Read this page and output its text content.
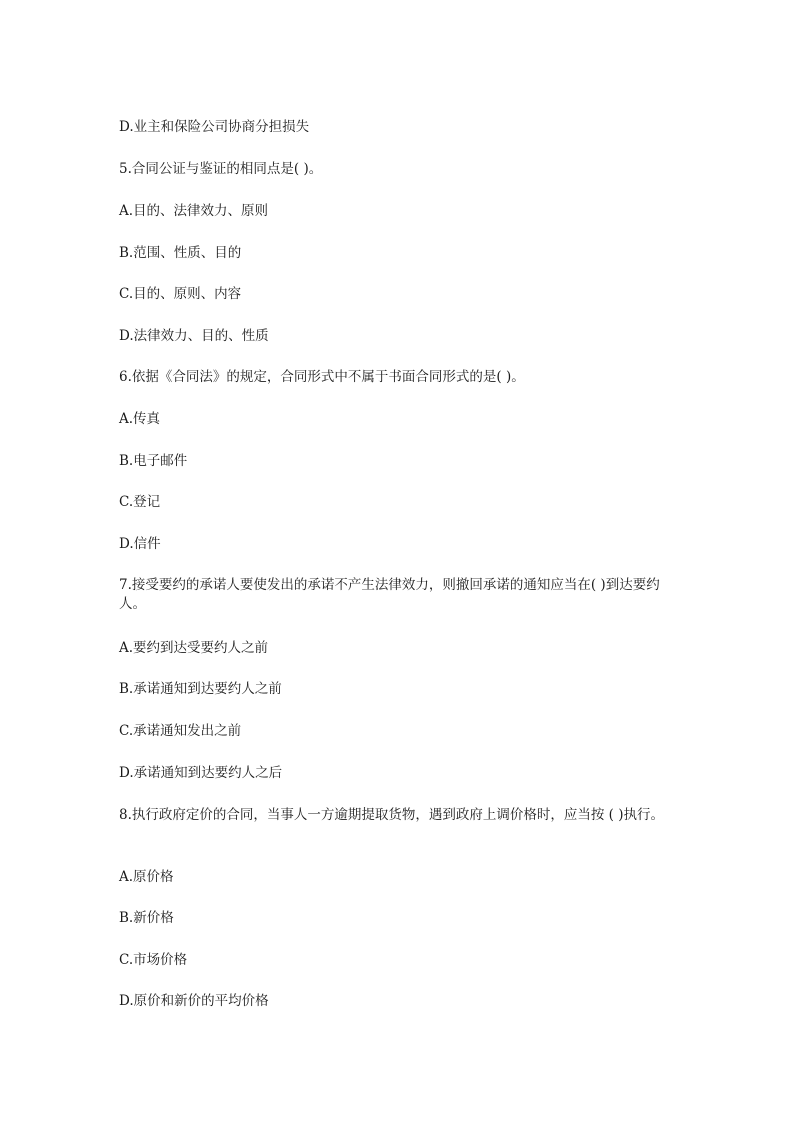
D.业主和保险公司协商分担损失
5.合同公证与鉴证的相同点是( )。
A.目的、法律效力、原则
B.范围、性质、目的
C.目的、原则、内容
D.法律效力、目的、性质
6.依据《合同法》的规定，合同形式中不属于书面合同形式的是( )。
A.传真
B.电子邮件
C.登记
D.信件
7.接受要约的承诺人要使发出的承诺不产生法律效力，则撤回承诺的通知应当在( )到达要约人。
A.要约到达受要约人之前
B.承诺通知到达要约人之前
C.承诺通知发出之前
D.承诺通知到达要约人之后
8.执行政府定价的合同，当事人一方逾期提取货物，遇到政府上调价格时，应当按 ( )执行。
A.原价格
B.新价格
C.市场价格
D.原价和新价的平均价格
